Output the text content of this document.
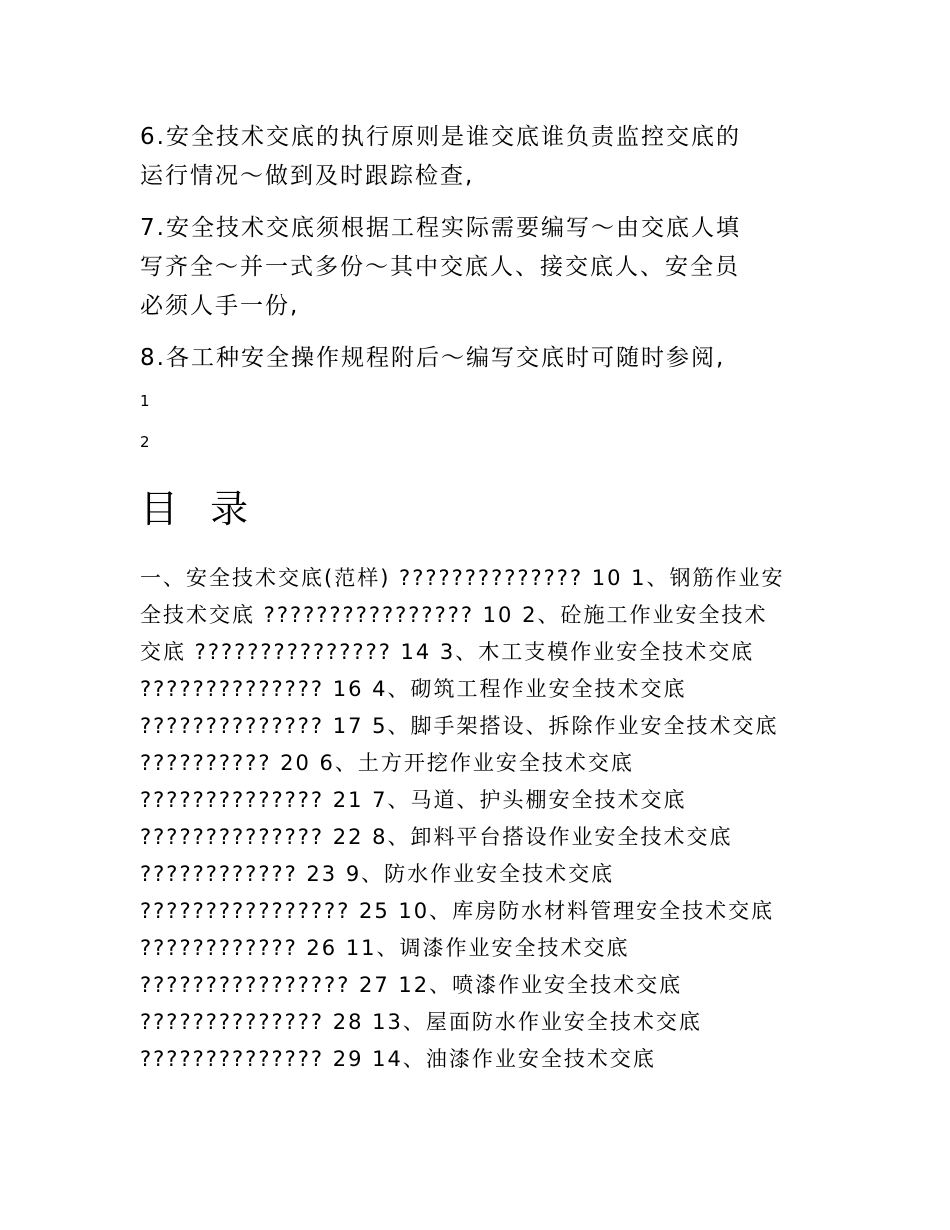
6.安全技术交底的执行原则是谁交底谁负责监控交底的
运行情况～做到及时跟踪检查,
7.安全技术交底须根据工程实际需要编写～由交底人填
写齐全～并一式多份～其中交底人、接交底人、安全员
必须人手一份,
8.各工种安全操作规程附后～编写交底时可随时参阅,

1

2

目 录
一、安全技术交底(范样) ?????????????? 10 1、钢筋作业安
全技术交底 ???????????????? 10 2、砼施工作业安全技术
交底 ??????????????? 14 3、木工支模作业安全技术交底
?????????????? 16 4、砌筑工程作业安全技术交底
?????????????? 17 5、脚手架搭设、拆除作业安全技术交底
?????????? 20 6、土方开挖作业安全技术交底
?????????????? 21 7、马道、护头棚安全技术交底
?????????????? 22 8、卸料平台搭设作业安全技术交底
???????????? 23 9、防水作业安全技术交底
???????????????? 25 10、库房防水材料管理安全技术交底
???????????? 26 11、调漆作业安全技术交底
???????????????? 27 12、喷漆作业安全技术交底
?????????????? 28 13、屋面防水作业安全技术交底
?????????????? 29 14、油漆作业安全技术交底
